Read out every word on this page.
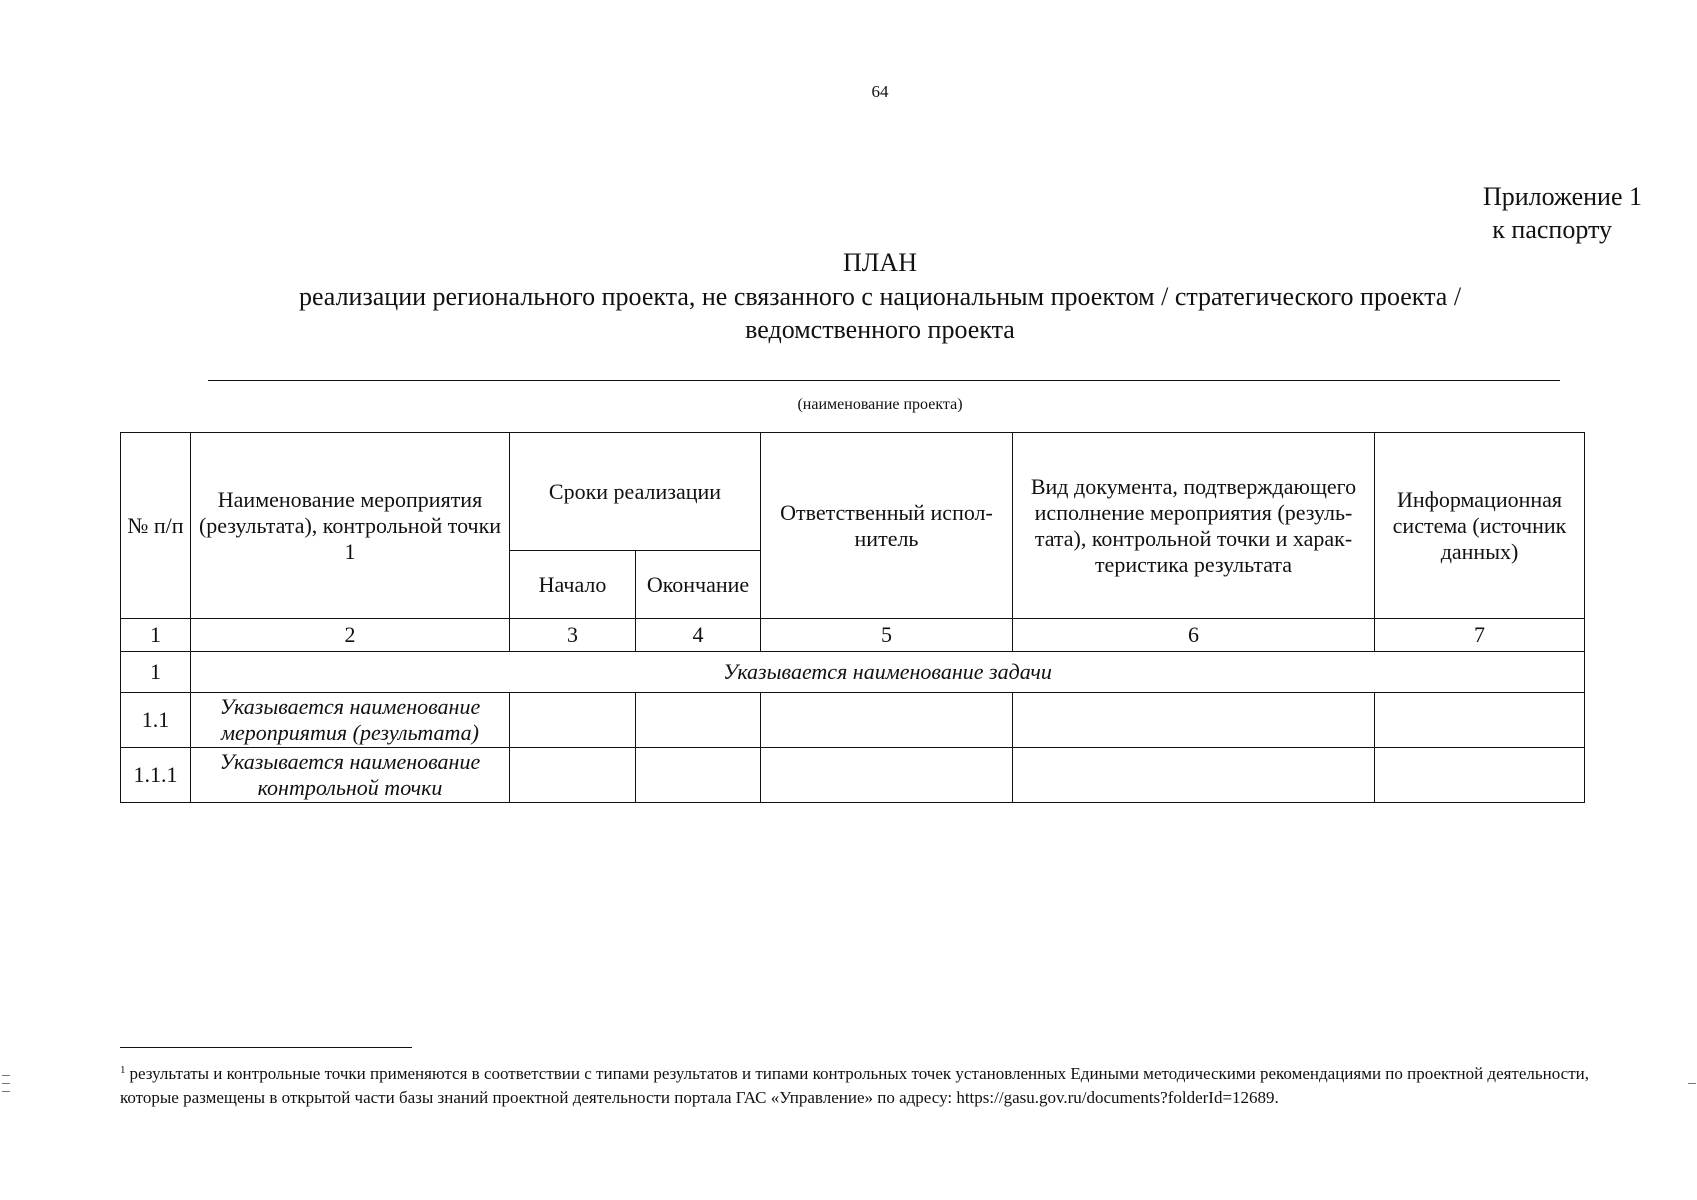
64
Приложение 1
к паспорту
ПЛАН
реализации регионального проекта, не связанного с национальным проектом / стратегического проекта / ведомственного проекта
(наименование проекта)
№ п/п	Наименование мероприятия (результата), контрольной точки 1	Сроки реализации		Ответственный испол-нитель	Вид документа, подтверждающего исполнение мероприятия (резуль-тата), контрольной точки и харак-теристика результата	Информационная система (источник данных)
		Начало	Окончание			
1	2	3	4	5	6	7
1	Указывается наименование задачи					
1.1	Указывается наименование мероприятия (результата)					
1.1.1	Указывается наименование контрольной точки					
$^1$ результаты и контрольные точки применяются в соответствии с типами результатов и типами контрольных точек установленных Едиными методическими рекомендациями по проектной деятельности, которые размещены в открытой части базы знаний проектной деятельности портала ГАС «Управление» по адресу: https://gasu.gov.ru/documents?folderId=12689.
